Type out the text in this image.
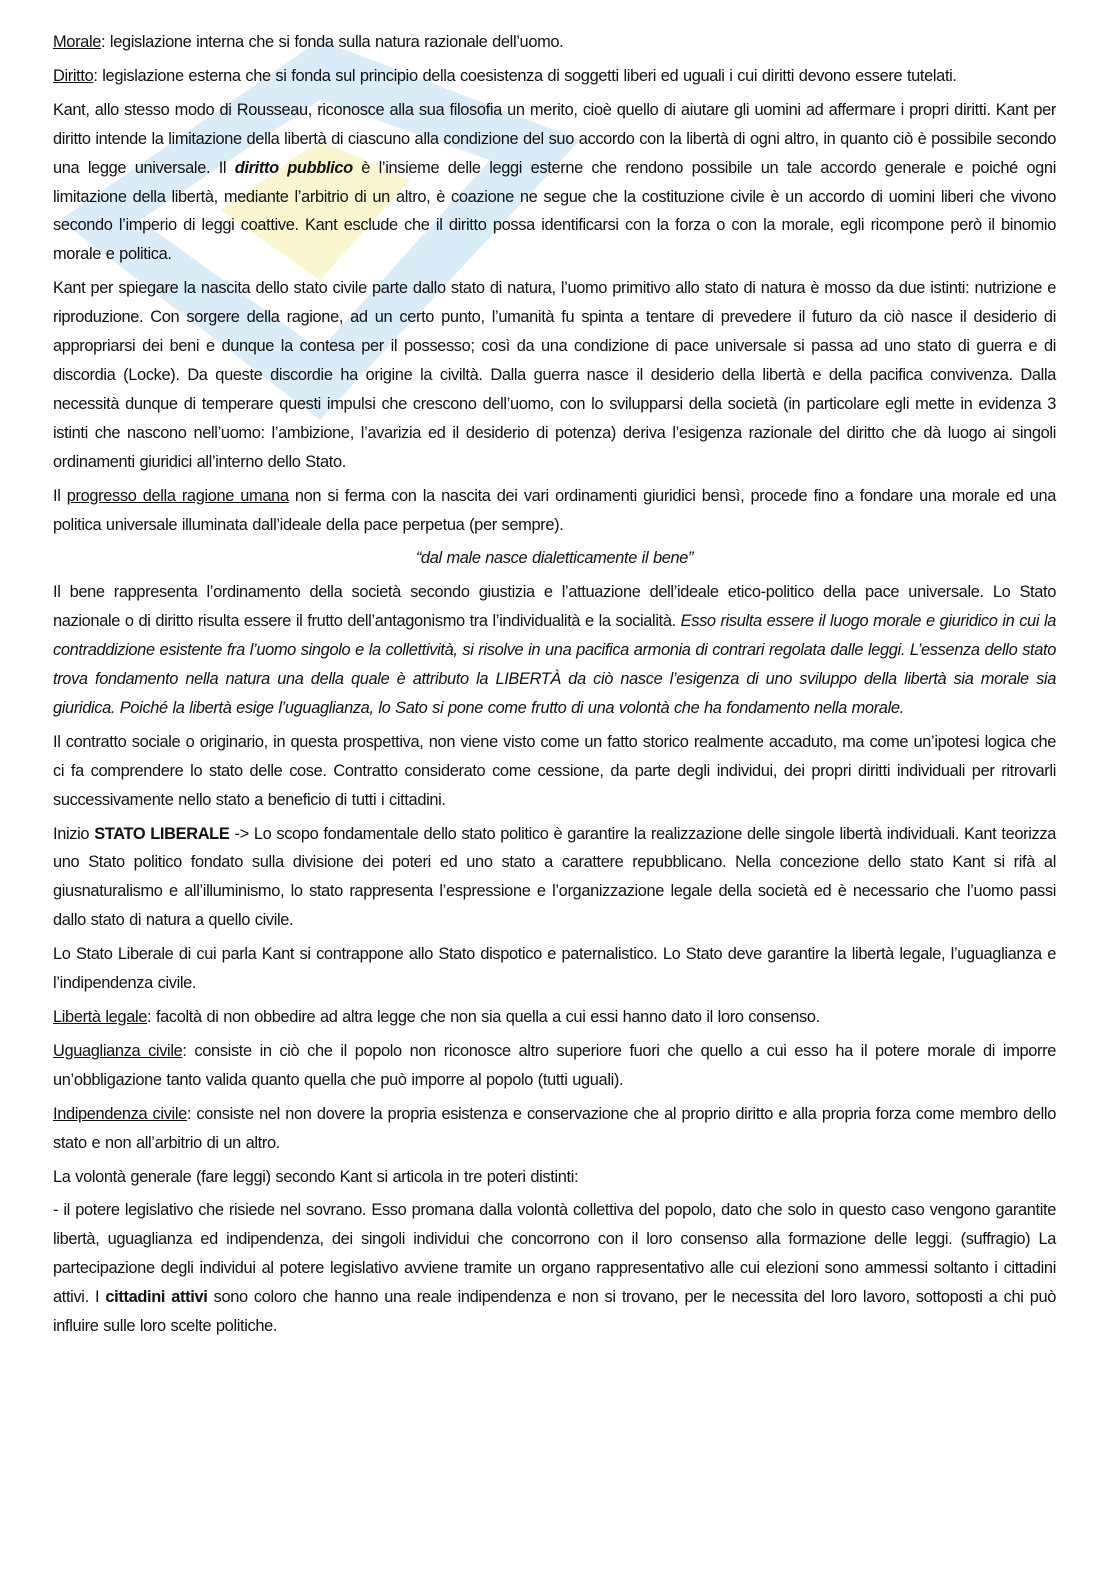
Morale: legislazione interna che si fonda sulla natura razionale dell’uomo.

Diritto: legislazione esterna che si fonda sul principio della coesistenza di soggetti liberi ed uguali i cui diritti devono essere tutelati.

Kant, allo stesso modo di Rousseau, riconosce alla sua filosofia un merito, cioè quello di aiutare gli uomini ad affermare i propri diritti. Kant per diritto intende la limitazione della libertà di ciascuno alla condizione del suo accordo con la libertà di ogni altro, in quanto ciò è possibile secondo una legge universale. Il diritto pubblico è l’insieme delle leggi esterne che rendono possibile un tale accordo generale e poiché ogni limitazione della libertà, mediante l’arbitrio di un altro, è coazione ne segue che la costituzione civile è un accordo di uomini liberi che vivono secondo l’imperio di leggi coattive. Kant esclude che il diritto possa identificarsi con la forza o con la morale, egli ricompone però il binomio morale e politica.

Kant per spiegare la nascita dello stato civile parte dallo stato di natura, l’uomo primitivo allo stato di natura è mosso da due istinti: nutrizione e riproduzione. Con sorgere della ragione, ad un certo punto, l’umanità fu spinta a tentare di prevedere il futuro da ciò nasce il desiderio di appropriarsi dei beni e dunque la contesa per il possesso; così da una condizione di pace universale si passa ad uno stato di guerra e di discordia (Locke). Da queste discordie ha origine la civiltà. Dalla guerra nasce il desiderio della libertà e della pacifica convivenza. Dalla necessità dunque di temperare questi impulsi che crescono dell’uomo, con lo svilupparsi della società (in particolare egli mette in evidenza 3 istinti che nascono nell’uomo: l’ambizione, l’avarizia ed il desiderio di potenza) deriva l’esigenza razionale del diritto che dà luogo ai singoli ordinamenti giuridici all’interno dello Stato.

Il progresso della ragione umana non si ferma con la nascita dei vari ordinamenti giuridici bensì, procede fino a fondare una morale ed una politica universale illuminata dall’ideale della pace perpetua (per sempre).

“dal male nasce dialetticamente il bene”

Il bene rappresenta l’ordinamento della società secondo giustizia e l’attuazione dell’ideale etico-politico della pace universale. Lo Stato nazionale o di diritto risulta essere il frutto dell’antagonismo tra l’individualità e la socialità. Esso risulta essere il luogo morale e giuridico in cui la contraddizione esistente fra l’uomo singolo e la collettività, si risolve in una pacifica armonia di contrari regolata dalle leggi. L’essenza dello stato trova fondamento nella natura una della quale è attributo la LIBERTÀ da ciò nasce l’esigenza di uno sviluppo della libertà sia morale sia giuridica. Poiché la libertà esige l’uguaglianza, lo Sato si pone come frutto di una volontà che ha fondamento nella morale.

Il contratto sociale o originario, in questa prospettiva, non viene visto come un fatto storico realmente accaduto, ma come un’ipotesi logica che ci fa comprendere lo stato delle cose. Contratto considerato come cessione, da parte degli individui, dei propri diritti individuali per ritrovarli successivamente nello stato a beneficio di tutti i cittadini.

Inizio STATO LIBERALE -> Lo scopo fondamentale dello stato politico è garantire la realizzazione delle singole libertà individuali. Kant teorizza uno Stato politico fondato sulla divisione dei poteri ed uno stato a carattere repubblicano. Nella concezione dello stato Kant si rifà al giusnaturalismo e all’illuminismo, lo stato rappresenta l’espressione e l’organizzazione legale della società ed è necessario che l’uomo passi dallo stato di natura a quello civile.

Lo Stato Liberale di cui parla Kant si contrappone allo Stato dispotico e paternalistico. Lo Stato deve garantire la libertà legale, l’uguaglianza e l’indipendenza civile.

Libertà legale: facoltà di non obbedire ad altra legge che non sia quella a cui essi hanno dato il loro consenso.

Uguaglianza civile: consiste in ciò che il popolo non riconosce altro superiore fuori che quello a cui esso ha il potere morale di imporre un’obbligazione tanto valida quanto quella che può imporre al popolo (tutti uguali).

Indipendenza civile: consiste nel non dovere la propria esistenza e conservazione che al proprio diritto e alla propria forza come membro dello stato e non all’arbitrio di un altro.

La volontà generale (fare leggi) secondo Kant si articola in tre poteri distinti:

- il potere legislativo che risiede nel sovrano. Esso promana dalla volontà collettiva del popolo, dato che solo in questo caso vengono garantite libertà, uguaglianza ed indipendenza, dei singoli individui che concorrono con il loro consenso alla formazione delle leggi. (suffragio) La partecipazione degli individui al potere legislativo avviene tramite un organo rappresentativo alle cui elezioni sono ammessi soltanto i cittadini attivi. I cittadini attivi sono coloro che hanno una reale indipendenza e non si trovano, per le necessita del loro lavoro, sottoposti a chi può influire sulle loro scelte politiche.
